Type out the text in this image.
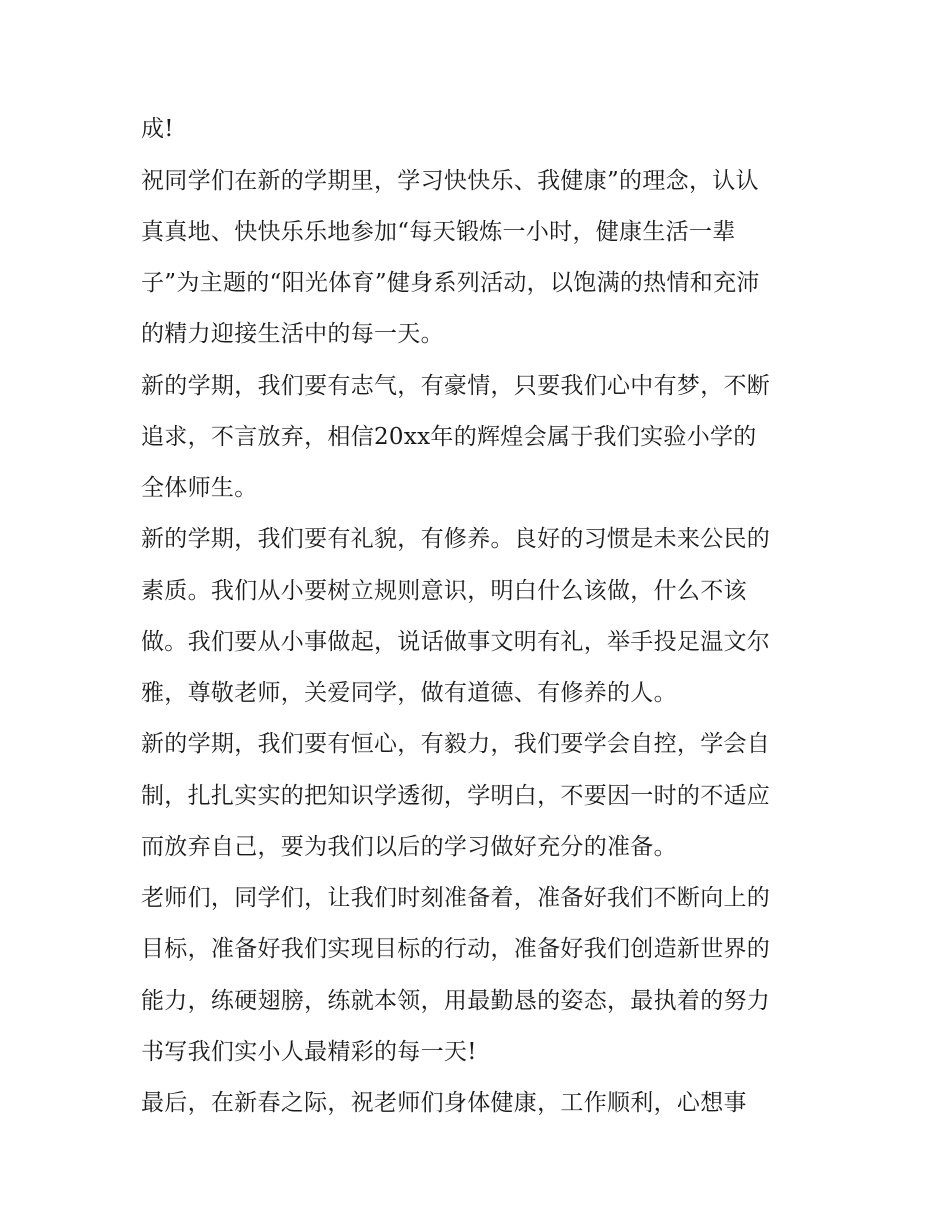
成!
祝同学们在新的学期里，学习快快乐、我健康”的理念，认认
真真地、快快乐乐地参加“每天锻炼一小时，健康生活一辈
子”为主题的“阳光体育”健身系列活动，以饱满的热情和充沛
的精力迎接生活中的每一天。
新的学期，我们要有志气，有豪情，只要我们心中有梦，不断
追求，不言放弃，相信20xx年的辉煌会属于我们实验小学的
全体师生。
新的学期，我们要有礼貌，有修养。良好的习惯是未来公民的
素质。我们从小要树立规则意识，明白什么该做，什么不该
做。我们要从小事做起，说话做事文明有礼，举手投足温文尔
雅，尊敬老师，关爱同学，做有道德、有修养的人。
新的学期，我们要有恒心，有毅力，我们要学会自控，学会自
制，扎扎实实的把知识学透彻，学明白，不要因一时的不适应
而放弃自己，要为我们以后的学习做好充分的准备。
老师们，同学们，让我们时刻准备着，准备好我们不断向上的
目标，准备好我们实现目标的行动，准备好我们创造新世界的
能力，练硬翅膀，练就本领，用最勤恳的姿态，最执着的努力
书写我们实小人最精彩的每一天!
最后，在新春之际，祝老师们身体健康，工作顺利，心想事
